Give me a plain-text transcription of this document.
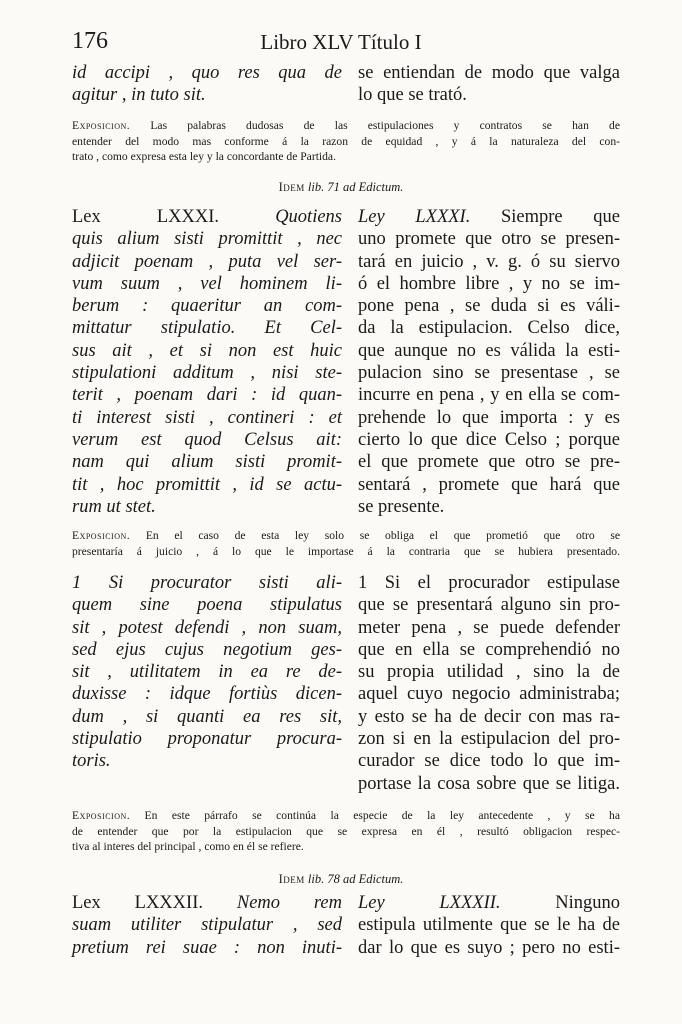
176	Libro XLV Título I
id accipi , quo res qua de
agitur , in tuto sit.
se entiendan de modo que valga
lo que se trató.
Exposicion. Las palabras dudosas de las estipulaciones y contratos se han de
entender del modo mas conforme á la razon de equidad , y á la naturaleza del con-
trato , como expresa esta ley y la concordante de Partida.
Idem lib. 71 ad Edictum.
Lex LXXXI. Quotiens
quis alium sisti promittit , nec
adjicit poenam , puta vel ser-
vum suum , vel hominem li-
berum : quaeritur an com-
mittatur stipulatio. Et Cel-
sus ait , et si non est huic
stipulationi additum , nisi ste-
terit , poenam dari : id quan-
ti interest sisti , contineri : et
verum est quod Celsus ait:
nam qui alium sisti promit-
tit , hoc promittit , id se actu-
rum ut stet.
Ley LXXXI. Siempre que
uno promete que otro se presen-
tará en juicio , v. g. ó su siervo
ó el hombre libre , y no se im-
pone pena , se duda si es váli-
da la estipulacion. Celso dice,
que aunque no es válida la esti-
pulacion sino se presentase , se
incurre en pena , y en ella se com-
prehende lo que importa : y es
cierto lo que dice Celso ; porque
el que promete que otro se pre-
sentará , promete que hará que
se presente.
Exposicion. En el caso de esta ley solo se obliga el que prometió que otro se
presentaría á juicio , á lo que le importase á la contraria que se hubiera presentado.
1 Si procurator sisti ali-
quem sine poena stipulatus
sit , potest defendi , non suam,
sed ejus cujus negotium ges-
sit , utilitatem in ea re de-
duxisse : idque fortiùs dicen-
dum , si quanti ea res sit,
stipulatio proponatur procura-
toris.
1 Si el procurador estipulase
que se presentará alguno sin pro-
meter pena , se puede defender
que en ella se comprehendió no
su propia utilidad , sino la de
aquel cuyo negocio administraba;
y esto se ha de decir con mas ra-
zon si en la estipulacion del pro-
curador se dice todo lo que im-
portase la cosa sobre que se litiga.
Exposicion. En este párrafo se continúa la especie de la ley antecedente , y se ha
de entender que por la estipulacion que se expresa en él , resultó obligacion respec-
tiva al interes del principal , como en él se refiere.
Idem lib. 78 ad Edictum.
Lex LXXXII. Nemo rem
suam utiliter stipulatur , sed
pretium rei suae : non inuti-
Ley LXXXII. Ninguno
estipula utilmente que se le ha de
dar lo que es suyo ; pero no esti-
